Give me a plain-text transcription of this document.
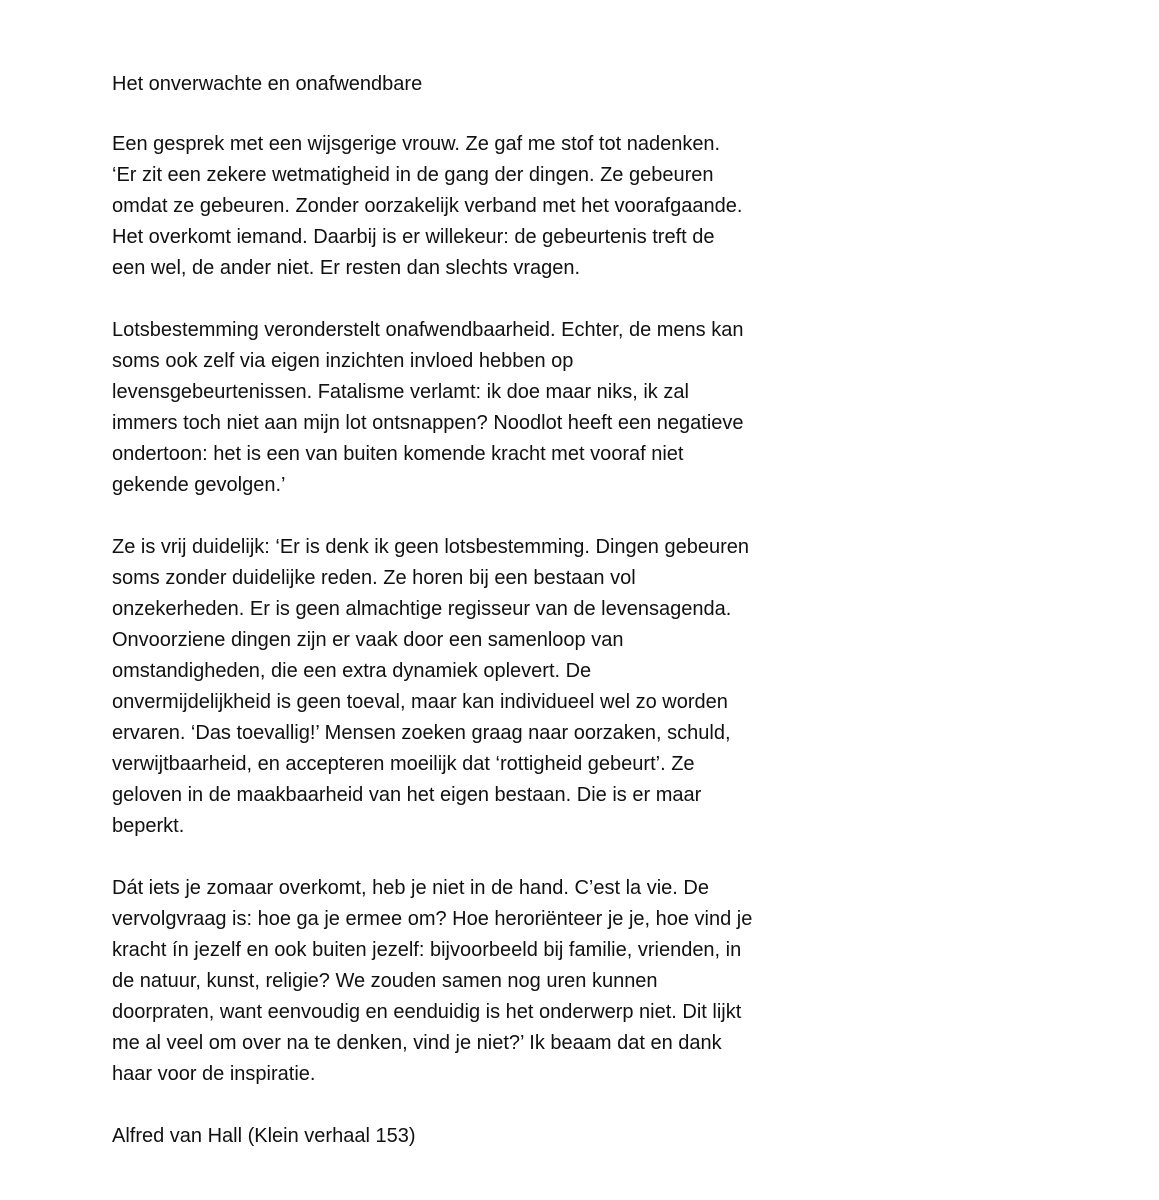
Het onverwachte en onafwendbare

Een gesprek met een wijsgerige vrouw. Ze gaf me stof tot nadenken.
‘Er zit een zekere wetmatigheid in de gang der dingen. Ze gebeuren
omdat ze gebeuren. Zonder oorzakelijk verband met het voorafgaande.
Het overkomt iemand. Daarbij is er willekeur: de gebeurtenis treft de
een wel, de ander niet. Er resten dan slechts vragen.

Lotsbestemming veronderstelt onafwendbaarheid. Echter, de mens kan
soms ook zelf via eigen inzichten invloed hebben op
levensgebeurtenissen. Fatalisme verlamt: ik doe maar niks, ik zal
immers toch niet aan mijn lot ontsnappen? Noodlot heeft een negatieve
ondertoon: het is een van buiten komende kracht met vooraf niet
gekende gevolgen.’

Ze is vrij duidelijk: ‘Er is denk ik geen lotsbestemming. Dingen gebeuren
soms zonder duidelijke reden. Ze horen bij een bestaan vol
onzekerheden. Er is geen almachtige regisseur van de levensagenda.
Onvoorziene dingen zijn er vaak door een samenloop van
omstandigheden, die een extra dynamiek oplevert. De
onvermijdelijkheid is geen toeval, maar kan individueel wel zo worden
ervaren. ‘Das toevallig!’ Mensen zoeken graag naar oorzaken, schuld,
verwijtbaarheid, en accepteren moeilijk dat ‘rottigheid gebeurt’. Ze
geloven in de maakbaarheid van het eigen bestaan. Die is er maar
beperkt.

Dát iets je zomaar overkomt, heb je niet in de hand. C’est la vie. De
vervolgvraag is: hoe ga je ermee om? Hoe heroriënteer je je, hoe vind je
kracht ín jezelf en ook buiten jezelf: bijvoorbeeld bij familie, vrienden, in
de natuur, kunst, religie? We zouden samen nog uren kunnen
doorpraten, want eenvoudig en eenduidig is het onderwerp niet. Dit lijkt
me al veel om over na te denken, vind je niet?’ Ik beaam dat en dank
haar voor de inspiratie.

Alfred van Hall (Klein verhaal 153)
